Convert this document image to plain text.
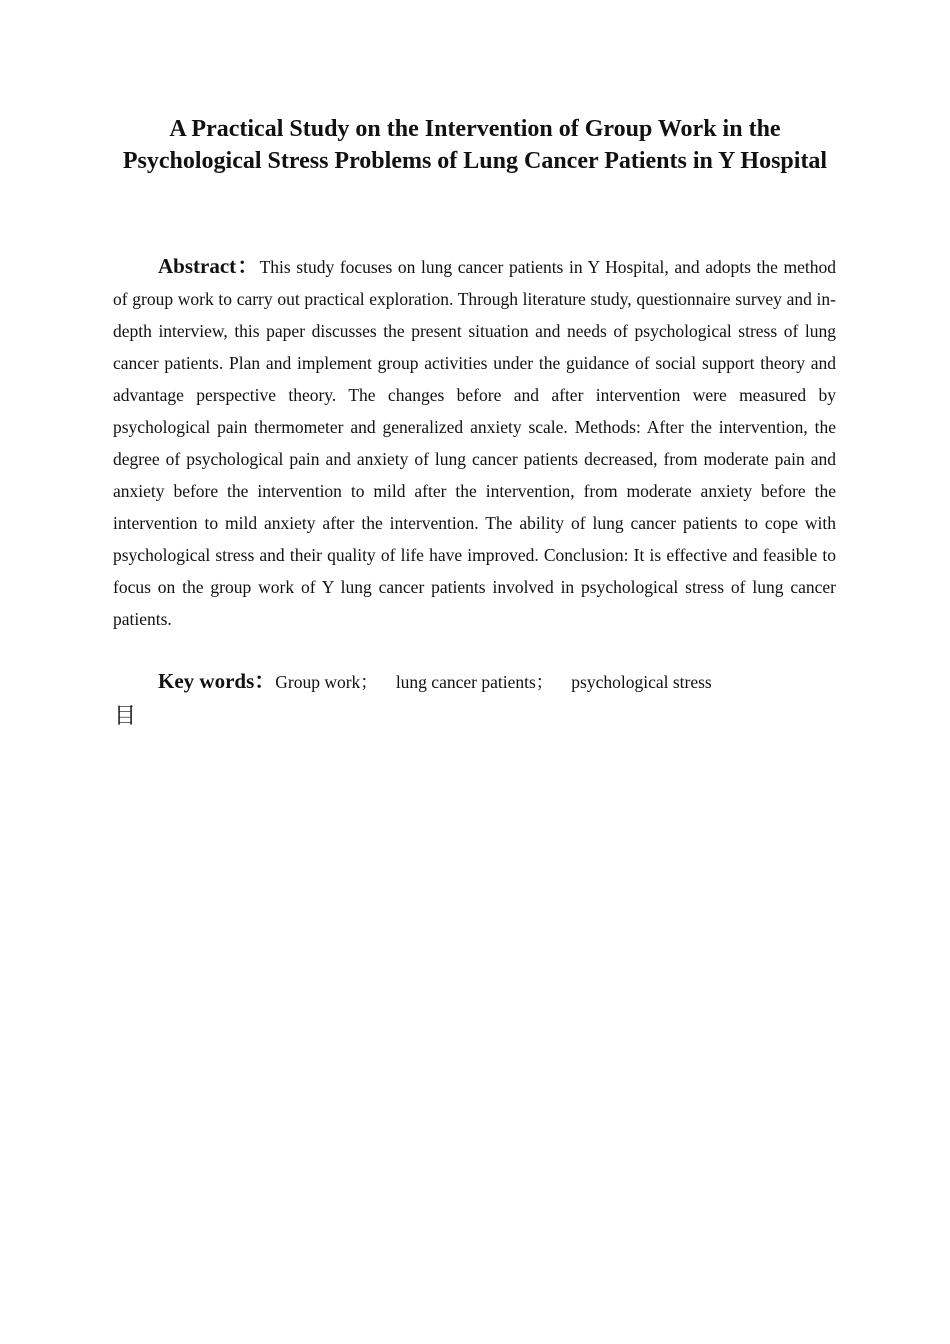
A Practical Study on the Intervention of Group Work in the Psychological Stress Problems of Lung Cancer Patients in Y Hospital

Abstract：This study focuses on lung cancer patients in Y Hospital, and adopts the method of group work to carry out practical exploration. Through literature study, questionnaire survey and in-depth interview, this paper discusses the present situation and needs of psychological stress of lung cancer patients. Plan and implement group activities under the guidance of social support theory and advantage perspective theory. The changes before and after intervention were measured by psychological pain thermometer and generalized anxiety scale. Methods: After the intervention, the degree of psychological pain and anxiety of lung cancer patients decreased, from moderate pain and anxiety before the intervention to mild after the intervention, from moderate anxiety before the intervention to mild anxiety after the intervention. The ability of lung cancer patients to cope with psychological stress and their quality of life have improved. Conclusion: It is effective and feasible to focus on the group work of Y lung cancer patients involved in psychological stress of lung cancer patients.

Key words：Group work； lung cancer patients； psychological stress

目
